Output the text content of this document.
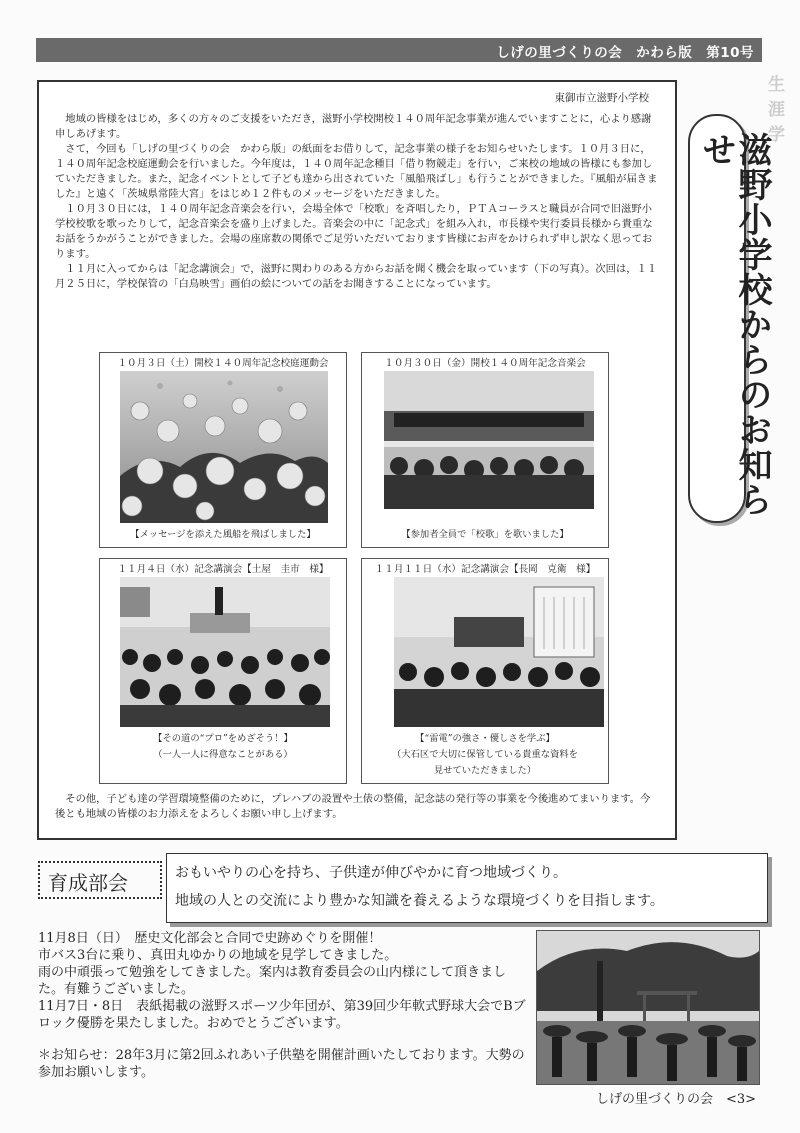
しげの里づくりの会　かわら版　第10号
生涯学
東御市立滋野小学校

地域の皆様をはじめ，多くの方々のご支援をいただき，滋野小学校開校１４０周年記念事業が進んでいますことに，心より感謝申しあげます。

さて，今回も「しげの里づくりの会　かわら版」の紙面をお借りして，記念事業の様子をお知らせいたします。１０月３日に，１４０周年記念校庭運動会を行いました。今年度は，１４０周年記念種目「借り物競走」を行い，ご来校の地域の皆様にも参加していただきました。また，記念イベントとして子ども達から出されていた「風船飛ばし」も行うことができました。『風船が届きました』と遠く「茨城県常陸大宮」をはじめ１２件ものメッセージをいただきました。

１０月３０日には，１４０周年記念音楽会を行い，会場全体で「校歌」を斉唱したり，ＰＴＡコーラスと職員が合同で旧滋野小学校校歌を歌ったりして，記念音楽会を盛り上げました。音楽会の中に「記念式」を組み入れ，市長様や実行委員長様から貴重なお話をうかがうことができました。会場の座席数の関係でご足労いただいております皆様にお声をかけられず申し訳なく思っております。

１１月に入ってからは「記念講演会」で，滋野に関わりのある方からお話を聞く機会を取っています（下の写真）。次回は，１１月２５日に，学校保管の「白鳥映雪」画伯の絵についての話をお聞きすることになっています。

１０月３日（土）開校１４０周年記念校庭運動会
【メッセージを添えた風船を飛ばしました】
１０月３０日（金）開校１４０周年記念音楽会
【参加者全員で「校歌」を歌いました】
１１月４日（水）記念講演会【土屋　圭市　様】
【その道の“プロ”をめざそう！】
（一人一人に得意なことがある）
１１月１１日（水）記念講演会【長岡　克衛　様】
【“雷電”の強さ・優しさを学ぶ】
（大石区で大切に保管している貴重な資料を
見せていただきました）

その他，子ども達の学習環境整備のために，プレハブの設置や土俵の整備，記念誌の発行等の事業を今後進めてまいります。今後とも地域の皆様のお力添えをよろしくお願い申し上げます。

滋野小学校からのお知らせ
育成部会	おもいやりの心を持ち、子供達が伸びやかに育つ地域づくり。

地域の人との交流により豊かな知識を養えるような環境づくりを目指します。

11月8日（日）　歴史文化部会と合同で史跡めぐりを開催！

市バス3台に乗り、真田丸ゆかりの地域を見学してきました。

雨の中頑張って勉強をしてきました。案内は教育委員会の山内様にして頂きました。有難うございました。

11月7日・8日　表紙掲載の滋野スポーツ少年団が、第39回少年軟式野球大会でBブロック優勝を果たしました。おめでとうございます。

＊お知らせ：28年3月に第2回ふれあい子供塾を開催計画いたしております。大勢の参加お願いします。

しげの里づくりの会　<3>
